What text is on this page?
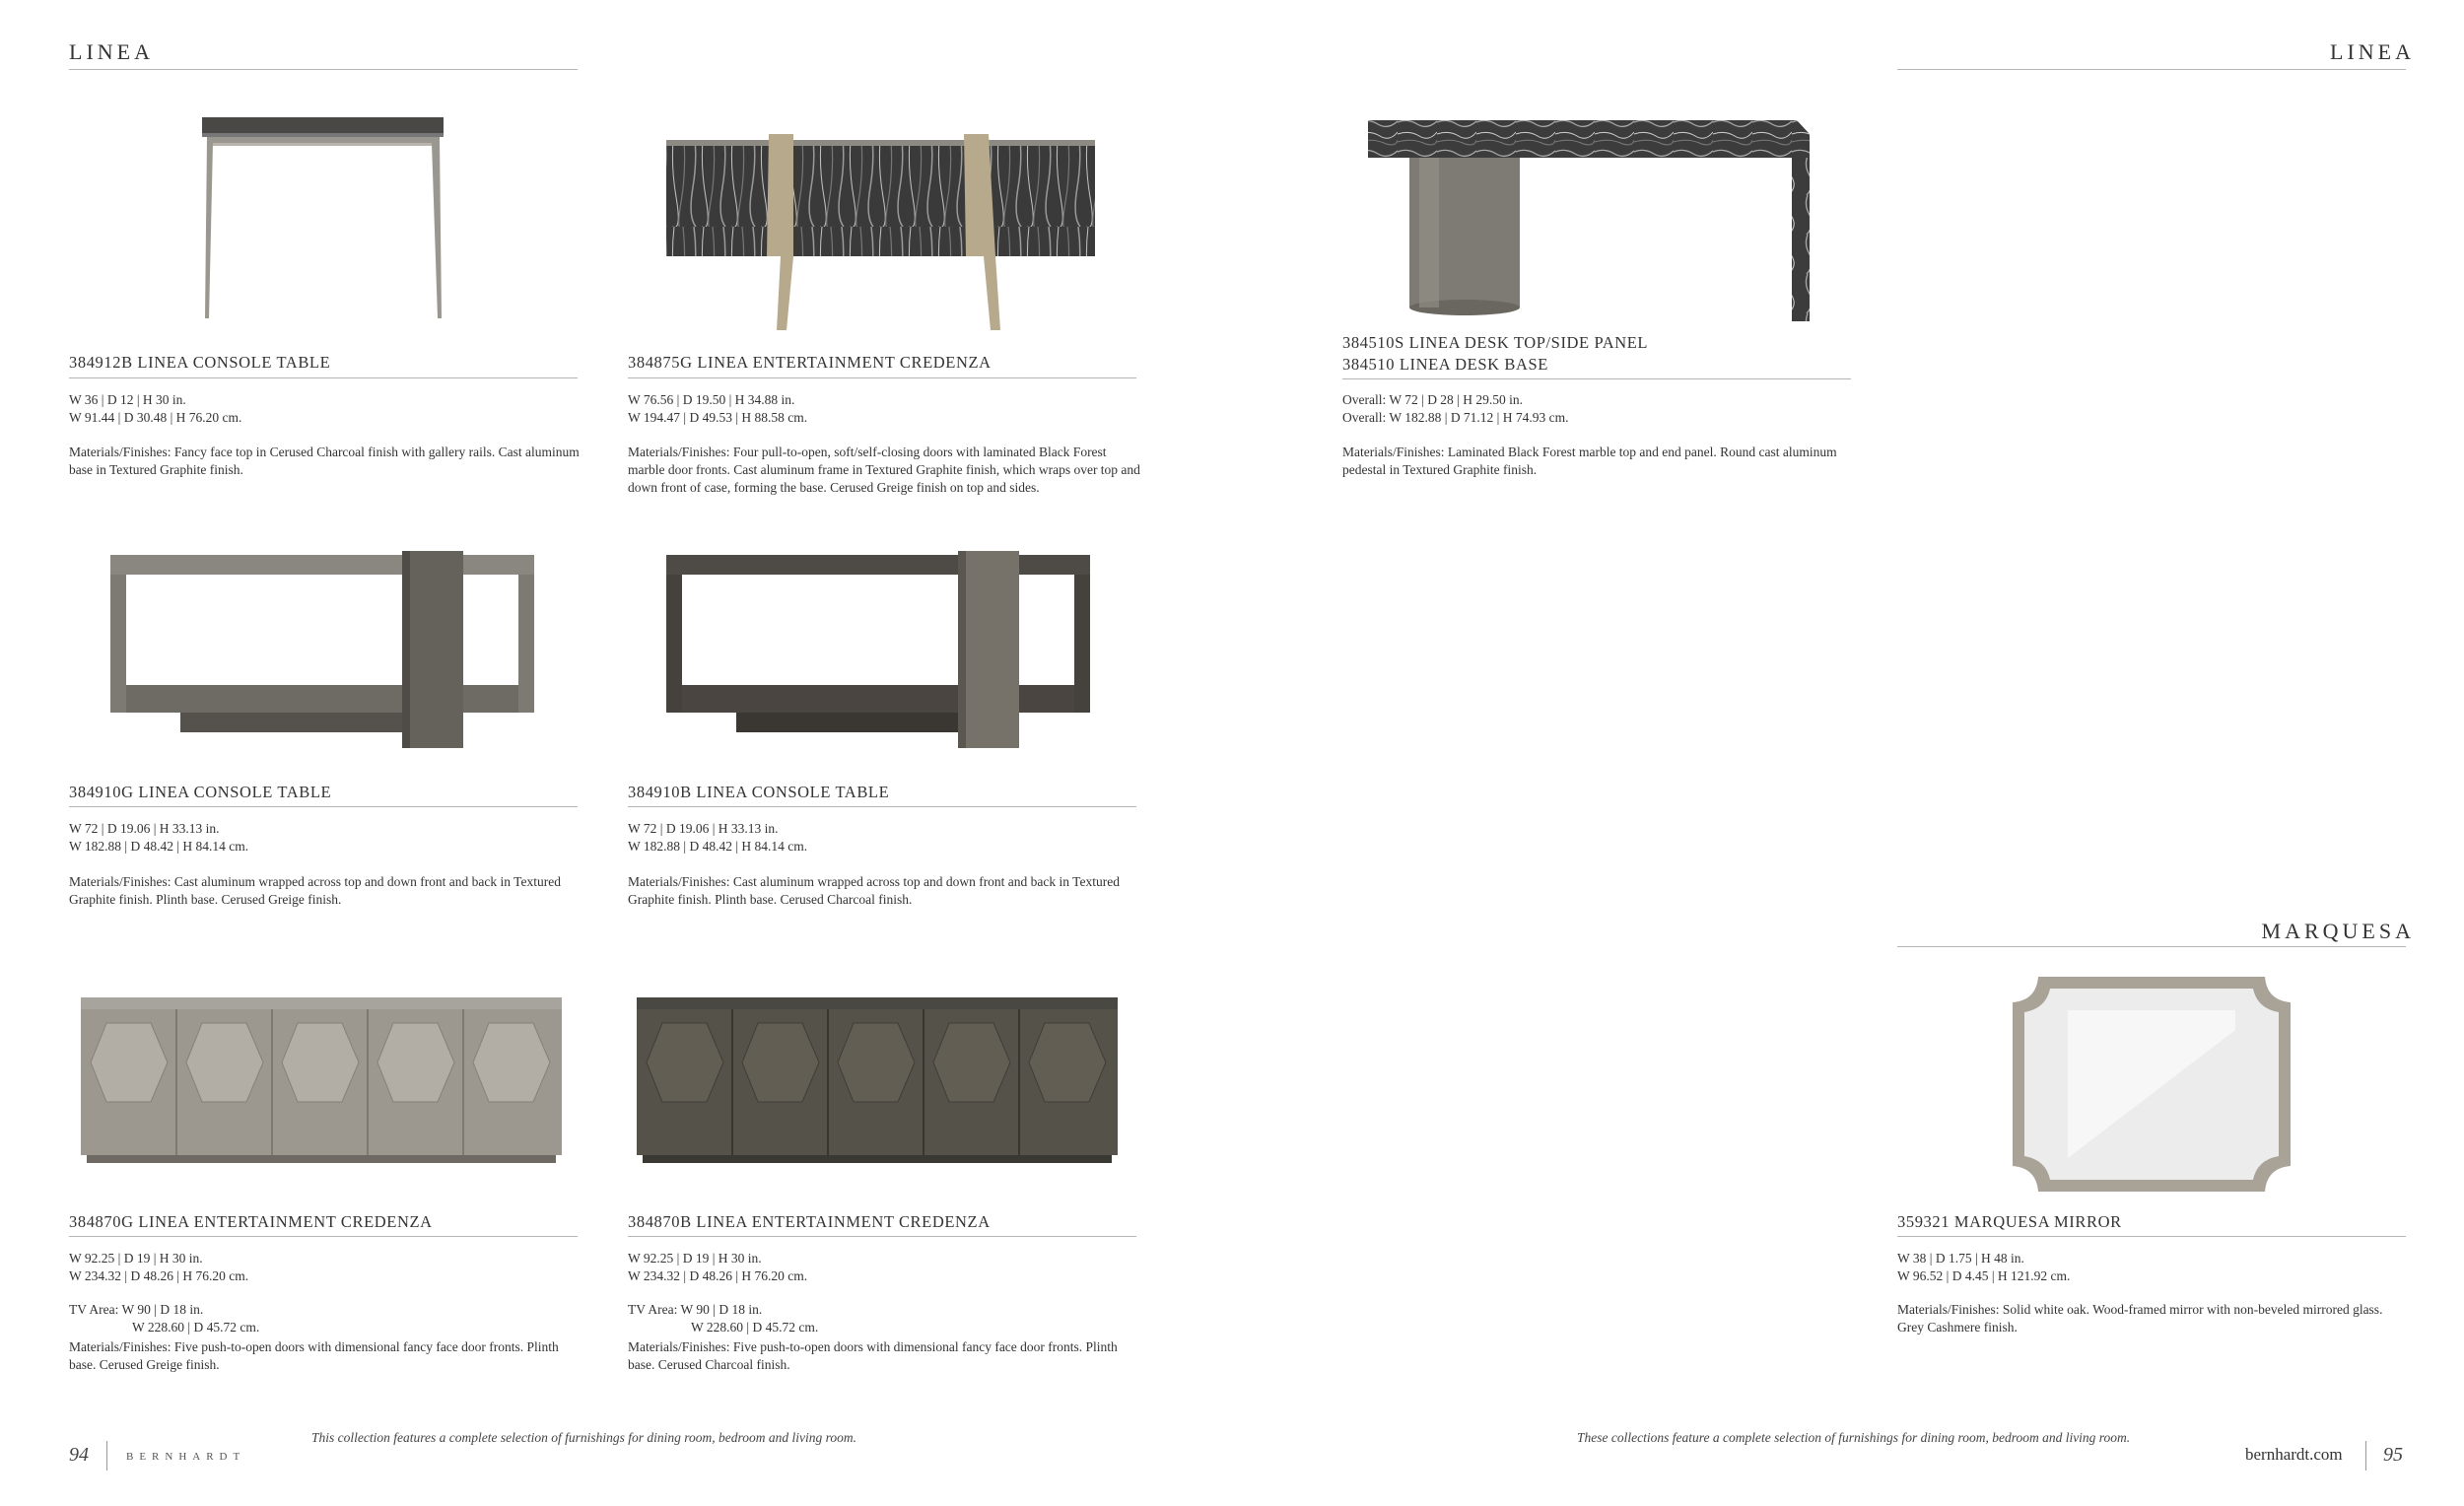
LINEA	LINEA
MARQUESA
384912B LINEA CONSOLE TABLE
W 36 | D 12 | H 30 in.
W 91.44 | D 30.48 | H 76.20 cm.
Materials/Finishes: Fancy face top in Cerused Charcoal finish with gallery rails. Cast aluminum base in Textured Graphite finish.
384875G LINEA ENTERTAINMENT CREDENZA
W 76.56 | D 19.50 | H 34.88 in.
W 194.47 | D 49.53 | H 88.58 cm.
Materials/Finishes: Four pull-to-open, soft/self-closing doors with laminated Black Forest marble door fronts. Cast aluminum frame in Textured Graphite finish, which wraps over top and down front of case, forming the base. Cerused Greige finish on top and sides.
384910G LINEA CONSOLE TABLE
W 72 | D 19.06 | H 33.13 in.
W 182.88 | D 48.42 | H 84.14 cm.
Materials/Finishes: Cast aluminum wrapped across top and down front and back in Textured Graphite finish. Plinth base. Cerused Greige finish.
384910B LINEA CONSOLE TABLE
W 72 | D 19.06 | H 33.13 in.
W 182.88 | D 48.42 | H 84.14 cm.
Materials/Finishes: Cast aluminum wrapped across top and down front and back in Textured Graphite finish. Plinth base. Cerused Charcoal finish.
384870G LINEA ENTERTAINMENT CREDENZA
W 92.25 | D 19 | H 30 in.
W 234.32 | D 48.26 | H 76.20 cm.
TV Area: W 90 | D 18 in.
W 228.60 | D 45.72 cm.
Materials/Finishes: Five push-to-open doors with dimensional fancy face door fronts. Plinth base. Cerused Greige finish.
384870B LINEA ENTERTAINMENT CREDENZA
W 92.25 | D 19 | H 30 in.
W 234.32 | D 48.26 | H 76.20 cm.
TV Area: W 90 | D 18 in.
W 228.60 | D 45.72 cm.
Materials/Finishes: Five push-to-open doors with dimensional fancy face door fronts. Plinth base. Cerused Charcoal finish.
384510S LINEA DESK TOP/SIDE PANEL
384510 LINEA DESK BASE
Overall: W 72 | D 28 | H 29.50 in.
Overall: W 182.88 | D 71.12 | H 74.93 cm.
Materials/Finishes: Laminated Black Forest marble top and end panel. Round cast aluminum pedestal in Textured Graphite finish.
359321 MARQUESA MIRROR
W 38 | D 1.75 | H 48 in.
W 96.52 | D 4.45 | H 121.92 cm.
Materials/Finishes: Solid white oak. Wood-framed mirror with non-beveled mirrored glass. Grey Cashmere finish.
94	BERNHARDT
This collection features a complete selection of furnishings for dining room, bedroom and living room.	These collections feature a complete selection of furnishings for dining room, bedroom and living room.
bernhardt.com 95
